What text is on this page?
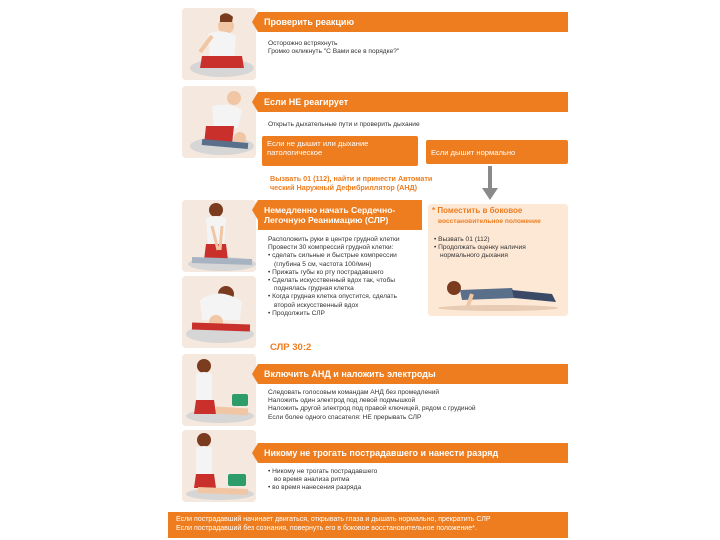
Проверить реакцию
Осторожно встряхнуть
Громко окликнуть "С Вами все в порядке?"
Если НЕ реагирует
Открыть дыхательные пути и проверить дыхание
Если не дышит или дыхание патологическое	Если дышит нормально
Вызвать 01 (112), найти и принести Автомати
ческий Наружный Дефибриллятор (АНД)
Немедленно начать Сердечно-Легочную Реанимацию (СЛР)
Расположить руки в центре грудной клетки
Провести 30 компрессий грудной клетки:
• сделать сильные и быстрые компрессии
(глубина 5 см, частота 100/мин)
• Прижать губы ко рту пострадавшего
• Сделать искусственный вдох так, чтобы
поднялась грудная клетка
• Когда грудная клетка опустится, сделать
второй искусственный вдох
• Продолжить СЛР
СЛР 30:2
* Поместить в боковое
восстановительное положение
• Вызвать 01 (112)
• Продолжать оценку наличия
нормального дыхания
Включить АНД и наложить электроды
Следовать голосовым командам АНД без промедлений
Наложить один электрод под левой подмышкой
Наложить другой электрод под правой ключицей, рядом с грудиной
Если более одного спасателя: НЕ прерывать СЛР
Никому не трогать пострадавшего и нанести разряд
• Никому не трогать пострадавшего
во время анализа ритма
• во время нанесения разряда
Если пострадавший начинает двигаться, открывать глаза и дышать нормально, прекратить СЛР
Если пострадавший без сознания, повернуть его в боковое восстановительное положение*.
